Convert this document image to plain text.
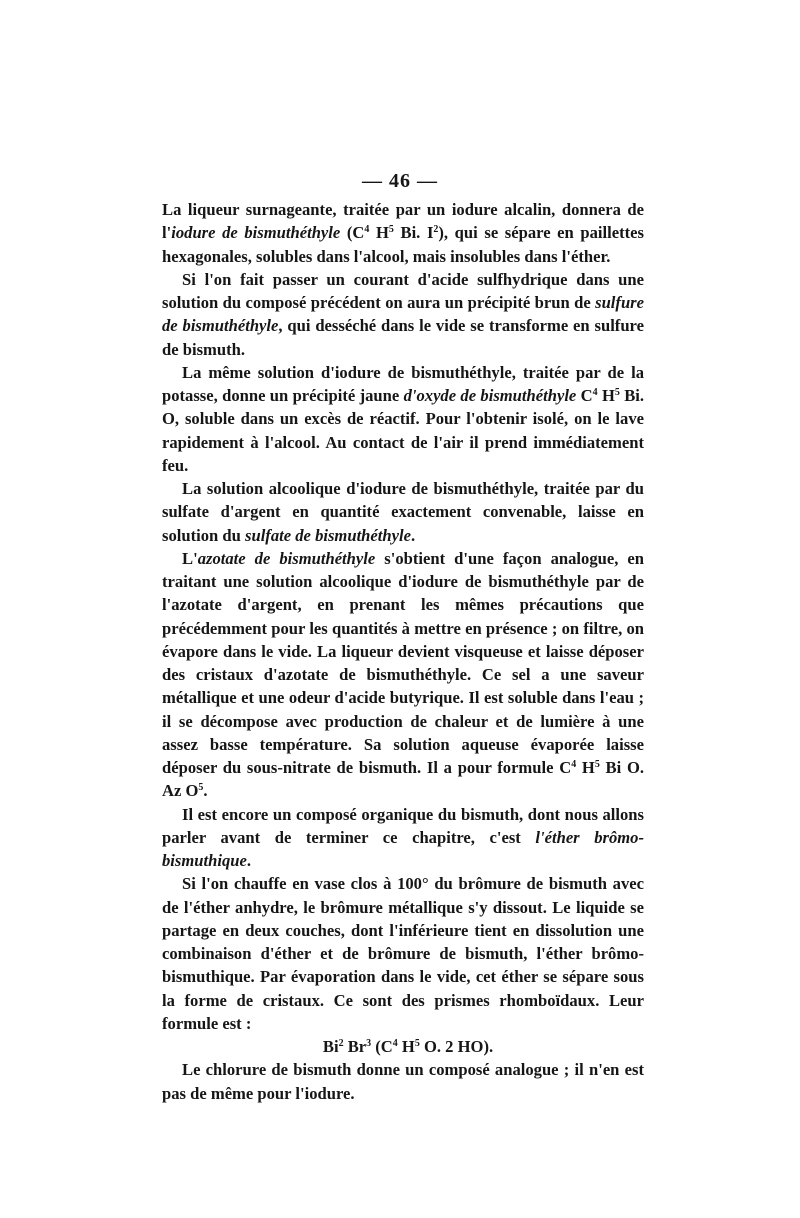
— 46 —

La liqueur surnageante, traitée par un iodure alcalin, donnera de l'iodure de bismuthéthyle ($C^4$ $H^5$ Bi. $I^2$), qui se sépare en paillettes hexagonales, solubles dans l'alcool, mais insolubles dans l'éther.

Si l'on fait passer un courant d'acide sulfhydrique dans une solution du composé précédent on aura un précipité brun de sulfure de bismuthéthyle, qui desséché dans le vide se transforme en sulfure de bismuth.

La même solution d'iodure de bismuthéthyle, traitée par de la potasse, donne un précipité jaune d'oxyde de bismuthéthyle $C^4$ $H^5$ Bi. O, soluble dans un excès de réactif. Pour l'obtenir isolé, on le lave rapidement à l'alcool. Au contact de l'air il prend immédiatement feu.

La solution alcoolique d'iodure de bismuthéthyle, traitée par du sulfate d'argent en quantité exactement convenable, laisse en solution du sulfate de bismuthéthyle.

L'azotate de bismuthéthyle s'obtient d'une façon analogue, en traitant une solution alcoolique d'iodure de bismuthéthyle par de l'azotate d'argent, en prenant les mêmes précautions que précédemment pour les quantités à mettre en présence ; on filtre, on évapore dans le vide. La liqueur devient visqueuse et laisse déposer des cristaux d'azotate de bismuthéthyle. Ce sel a une saveur métallique et une odeur d'acide butyrique. Il est soluble dans l'eau ; il se décompose avec production de chaleur et de lumière à une assez basse température. Sa solution aqueuse évaporée laisse déposer du sous-nitrate de bismuth. Il a pour formule $C^4$ $H^5$ Bi O. Az $O^5$.

Il est encore un composé organique du bismuth, dont nous allons parler avant de terminer ce chapitre, c'est l'éther brômo-bismuthique.

Si l'on chauffe en vase clos à 100° du brômure de bismuth avec de l'éther anhydre, le brômure métallique s'y dissout. Le liquide se partage en deux couches, dont l'inférieure tient en dissolution une combinaison d'éther et de brômure de bismuth, l'éther brômo-bismuthique. Par évaporation dans le vide, cet éther se sépare sous la forme de cristaux. Ce sont des prismes rhomboïdaux. Leur formule est :

Bi$^2$ Br$^3$ ($C^4$ $H^5$ O. 2 HO).

Le chlorure de bismuth donne un composé analogue ; il n'en est pas de même pour l'iodure.
